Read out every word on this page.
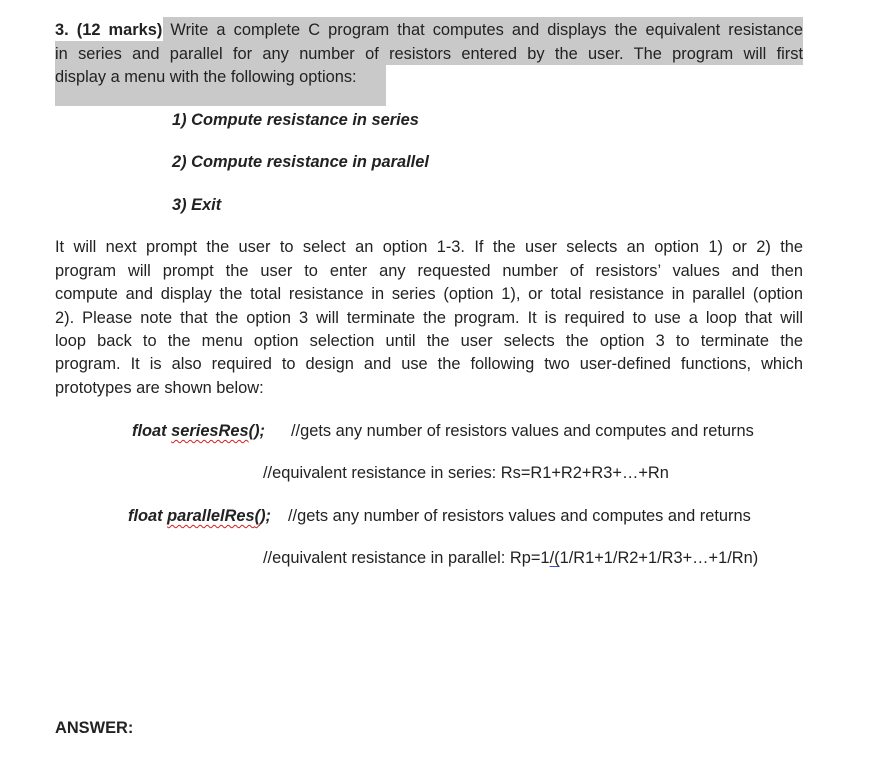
3. (12 marks) Write a complete C program that computes and displays the equivalent resistance
in series and parallel for any number of resistors entered by the user. The program will first
display a menu with the following options:
1) Compute resistance in series
2) Compute resistance in parallel
3) Exit
It will next prompt the user to select an option 1-3. If the user selects an option 1) or 2) the
program will prompt the user to enter any requested number of resistors’ values and then
compute and display the total resistance in series (option 1), or total resistance in parallel (option
2). Please note that the option 3 will terminate the program. It is required to use a loop that will
loop back to the menu option selection until the user selects the option 3 to terminate the
program. It is also required to design and use the following two user-defined functions, which
prototypes are shown below:
float seriesRes(); //gets any number of resistors values and computes and returns
//equivalent resistance in series: Rs=R1+R2+R3+…+Rn
float parallelRes(); //gets any number of resistors values and computes and returns
//equivalent resistance in parallel: Rp=1/(1/R1+1/R2+1/R3+…+1/Rn)
ANSWER:
